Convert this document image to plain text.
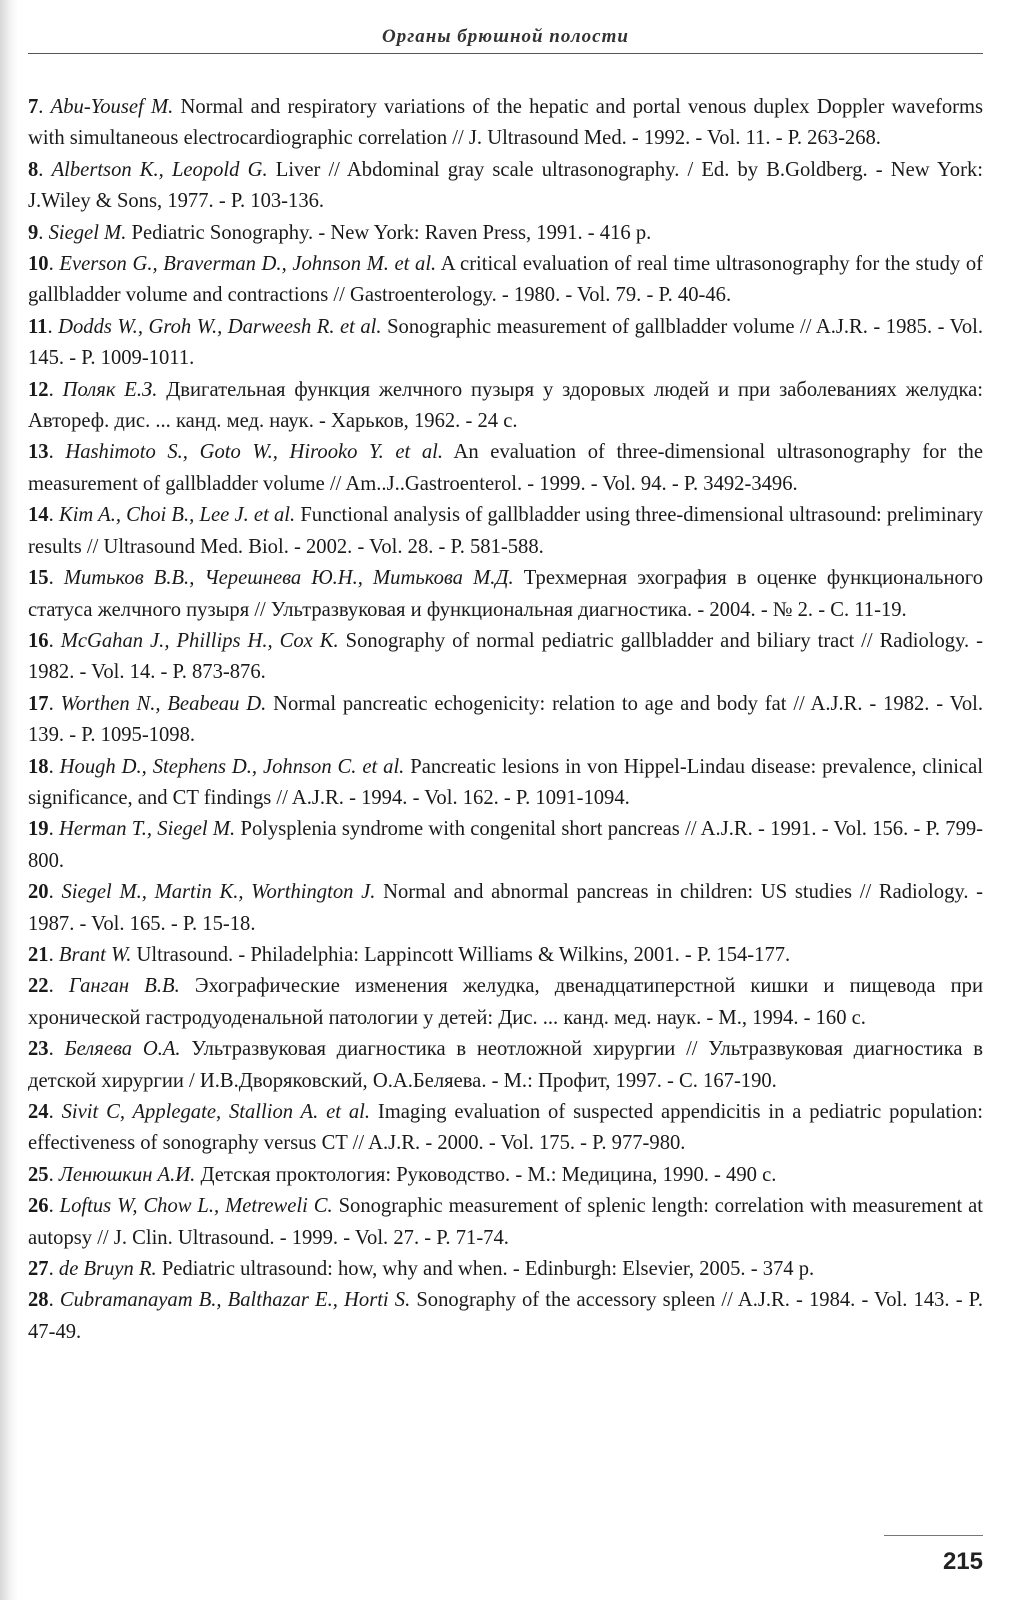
Органы брюшной полости

7. Abu-Yousef M. Normal and respiratory variations of the hepatic and portal venous duplex Doppler waveforms with simultaneous electrocardiographic correlation // J. Ultrasound Med. - 1992. - Vol. 11. - P. 263-268.

8. Albertson K., Leopold G. Liver // Abdominal gray scale ultrasonography. / Ed. by B.Goldberg. - New York: J.Wiley & Sons, 1977. - P. 103-136.

9. Siegel M. Pediatric Sonography. - New York: Raven Press, 1991. - 416 p.

10. Everson G., Braverman D., Johnson M. et al. A critical evaluation of real time ultrasonography for the study of gallbladder volume and contractions // Gastroenterology. - 1980. - Vol. 79. - P. 40-46.

11. Dodds W., Groh W., Darweesh R. et al. Sonographic measurement of gallbladder volume // A.J.R. - 1985. - Vol. 145. - P. 1009-1011.

12. Поляк Е.З. Двигательная функция желчного пузыря у здоровых людей и при заболеваниях желудка: Автореф. дис. ... канд. мед. наук. - Харьков, 1962. - 24 с.

13. Hashimoto S., Goto W., Hirooko Y. et al. An evaluation of three-dimensional ultrasonography for the measurement of gallbladder volume // Am..J..Gastroenterol. - 1999. - Vol. 94. - P. 3492-3496.

14. Kim A., Choi B., Lee J. et al. Functional analysis of gallbladder using three-dimensional ultrasound: preliminary results // Ultrasound Med. Biol. - 2002. - Vol. 28. - P. 581-588.

15. Митьков В.В., Черешнева Ю.Н., Митькова М.Д. Трехмерная эхография в оценке функционального статуса желчного пузыря // Ультразвуковая и функциональная диагностика. - 2004. - № 2. - С. 11-19.

16. McGahan J., Phillips H., Cox K. Sonography of normal pediatric gallbladder and biliary tract // Radiology. - 1982. - Vol. 14. - P. 873-876.

17. Worthen N., Beabeau D. Normal pancreatic echogenicity: relation to age and body fat // A.J.R. - 1982. - Vol. 139. - P. 1095-1098.

18. Hough D., Stephens D., Johnson C. et al. Pancreatic lesions in von Hippel-Lindau disease: prevalence, clinical significance, and CT findings // A.J.R. - 1994. - Vol. 162. - P. 1091-1094.

19. Herman T., Siegel M. Polysplenia syndrome with congenital short pancreas // A.J.R. - 1991. - Vol. 156. - P. 799-800.

20. Siegel M., Martin K., Worthington J. Normal and abnormal pancreas in children: US studies // Radiology. - 1987. - Vol. 165. - P. 15-18.

21. Brant W. Ultrasound. - Philadelphia: Lappincott Williams & Wilkins, 2001. - P. 154-177.

22. Ганган В.В. Эхографические изменения желудка, двенадцатиперстной кишки и пищевода при хронической гастродуоденальной патологии у детей: Дис. ... канд. мед. наук. - М., 1994. - 160 с.

23. Беляева О.А. Ультразвуковая диагностика в неотложной хирургии // Ультразвуковая диагностика в детской хирургии / И.В.Дворяковский, О.А.Беляева. - М.: Профит, 1997. - С. 167-190.

24. Sivit C, Applegate, Stallion A. et al. Imaging evaluation of suspected appendicitis in a pediatric population: effectiveness of sonography versus CT // A.J.R. - 2000. - Vol. 175. - P. 977-980.

25. Ленюшкин А.И. Детская проктология: Руководство. - М.: Медицина, 1990. - 490 с.

26. Loftus W, Chow L., Metreweli C. Sonographic measurement of splenic length: correlation with measurement at autopsy // J. Clin. Ultrasound. - 1999. - Vol. 27. - P. 71-74.

27. de Bruyn R. Pediatric ultrasound: how, why and when. - Edinburgh: Elsevier, 2005. - 374 p.

28. Cubramanayam B., Balthazar E., Horti S. Sonography of the accessory spleen // A.J.R. - 1984. - Vol. 143. - P. 47-49.

215
